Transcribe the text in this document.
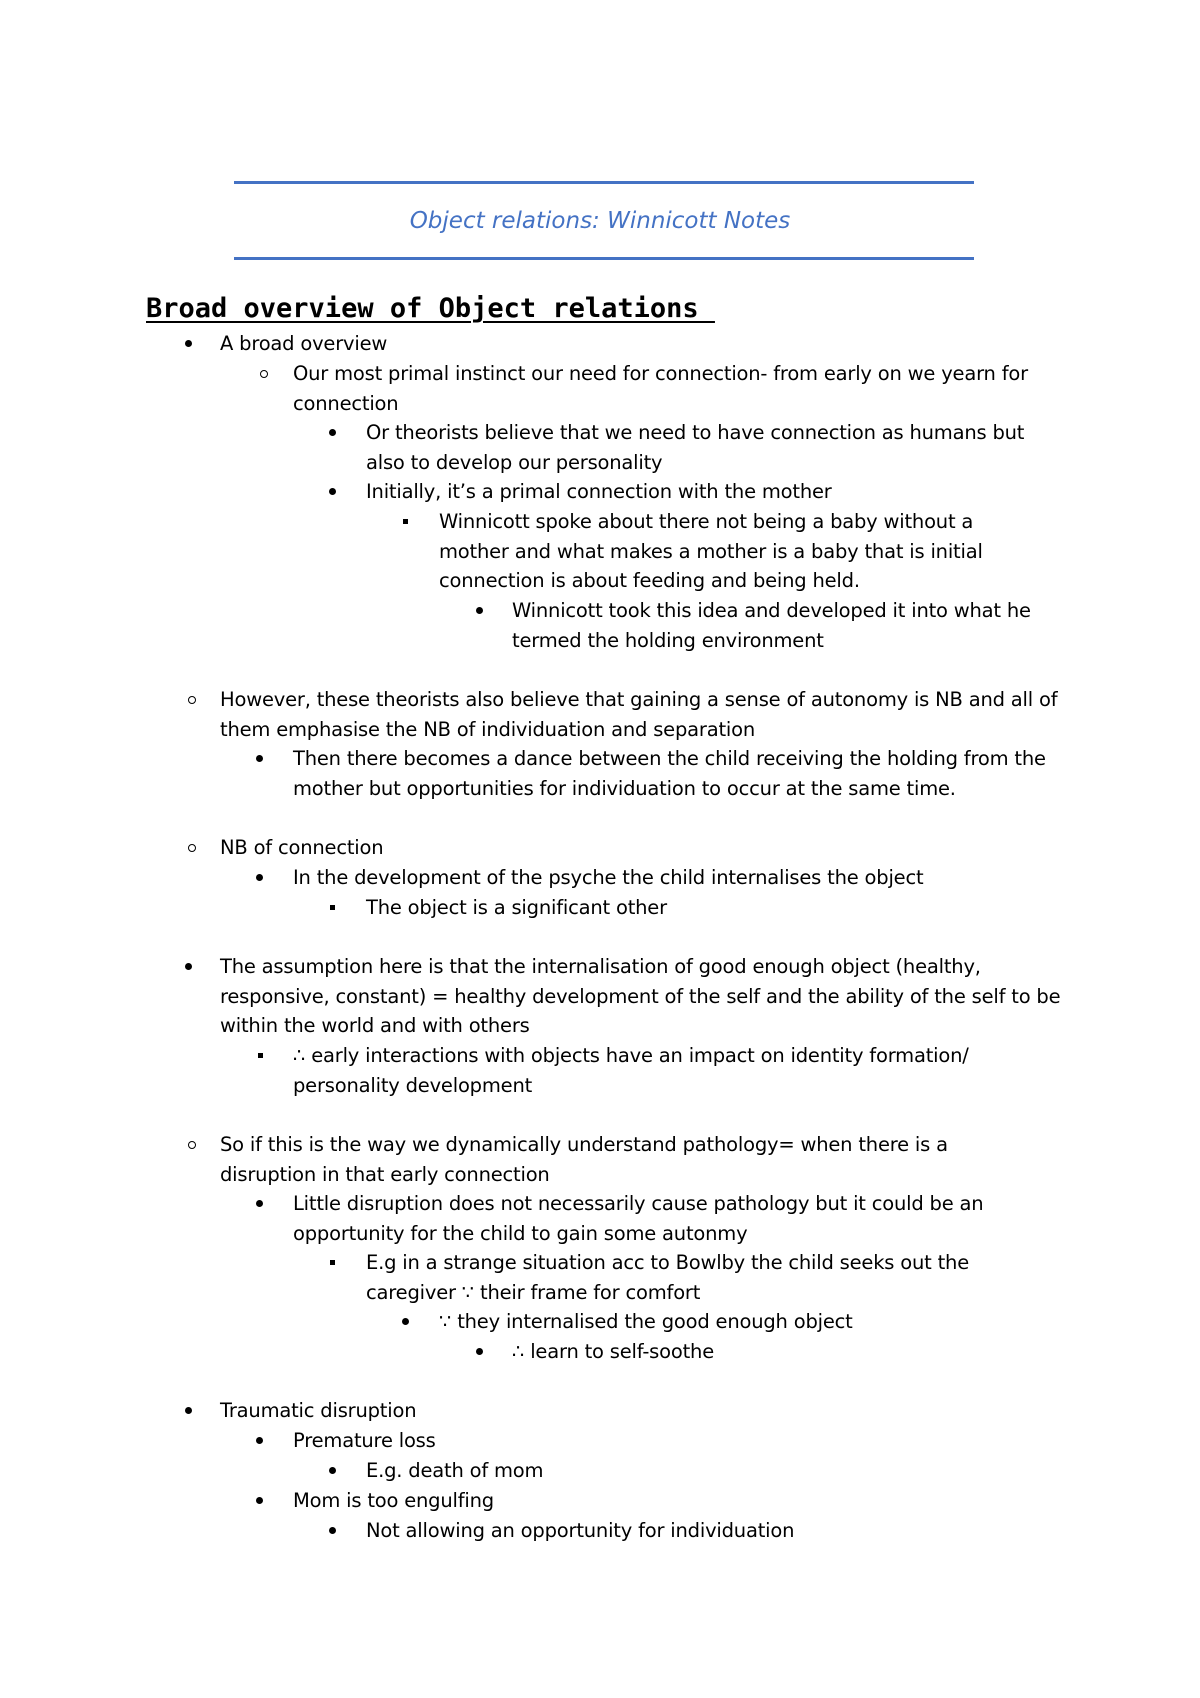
Object relations: Winnicott Notes
Broad overview of Object relations
A broad overview
Our most primal instinct our need for connection- from early on we yearn for connection
Or theorists believe that we need to have connection as humans but also to develop our personality
Initially, it’s a primal connection with the mother
Winnicott spoke about there not being a baby without a mother and what makes a mother is a baby that is initial connection is about feeding and being held.
Winnicott took this idea and developed it into what he termed the holding environment
However, these theorists also believe that gaining a sense of autonomy is NB and all of them emphasise the NB of individuation and separation
Then there becomes a dance between the child receiving the holding from the mother but opportunities for individuation to occur at the same time.
NB of connection
In the development of the psyche the child internalises the object
The object is a significant other
The assumption here is that the internalisation of good enough object (healthy, responsive, constant) = healthy development of the self and the ability of the self to be within the world and with others
∴ early interactions with objects have an impact on identity formation/ personality development
So if this is the way we dynamically understand pathology= when there is a disruption in that early connection
Little disruption does not necessarily cause pathology but it could be an opportunity for the child to gain some autonmy
E.g in a strange situation acc to Bowlby the child seeks out the caregiver ∵ their frame for comfort
∵ they internalised the good enough object
∴ learn to self-soothe
Traumatic disruption
Premature loss
E.g. death of mom
Mom is too engulfing
Not allowing an opportunity for individuation
